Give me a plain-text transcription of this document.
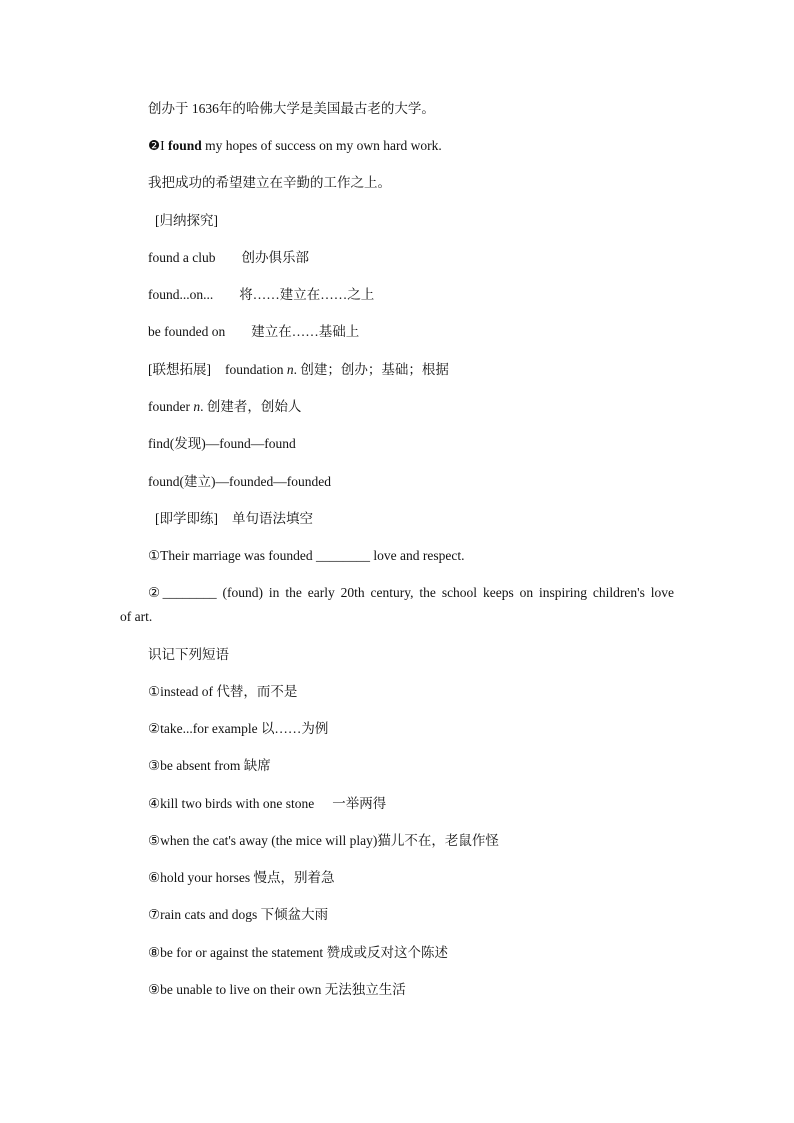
创办于 1636年的哈佛大学是美国最古老的大学。
❷I found my hopes of success on my own hard work.
我把成功的希望建立在辛勤的工作之上。
[归纳探究]
found a club 创办俱乐部
found...on... 将……建立在……之上
be founded on 建立在……基础上
[联想拓展] foundation n. 创建；创办；基础；根据
founder n. 创建者，创始人
find(发现)—found—found
found(建立)—founded—founded
[即学即练] 单句语法填空
①Their marriage was founded ________ love and respect.
②________ (found) in the early 20th century, the school keeps on inspiring children's love
of art.
识记下列短语
①instead of 代替，而不是
②take...for example 以……为例
③be absent from 缺席
④kill two birds with one stone 一举两得
⑤when the cat's away (the mice will play)猫儿不在，老鼠作怪
⑥hold your horses 慢点，别着急
⑦rain cats and dogs 下倾盆大雨
⑧be for or against the statement 赞成或反对这个陈述
⑨be unable to live on their own 无法独立生活
